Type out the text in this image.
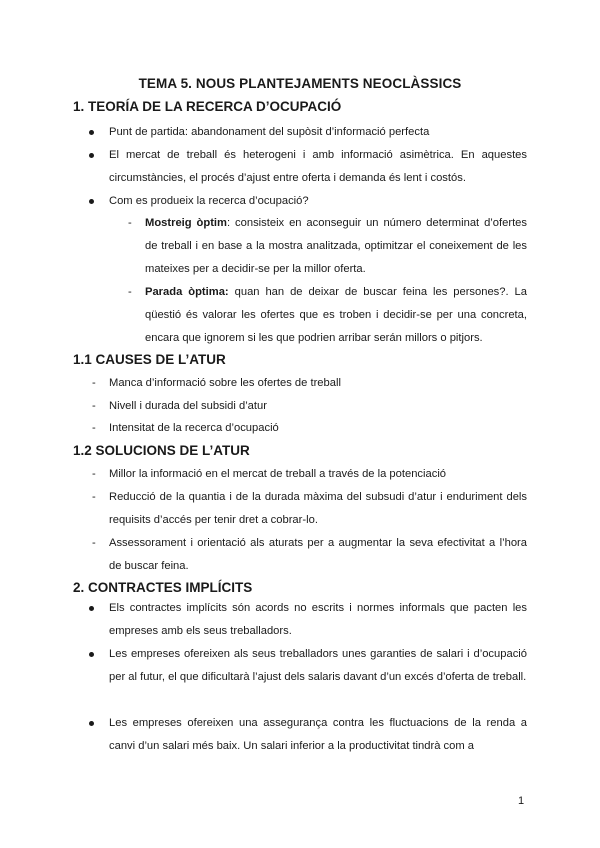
TEMA 5. NOUS PLANTEJAMENTS NEOCLÀSSICS
1. TEORÍA DE LA RECERCA D’OCUPACIÓ
Punt de partida: abandonament del supòsit d’informació perfecta
El mercat de treball és heterogeni i amb informació asimètrica. En aquestes circumstàncies, el procés d’ajust entre oferta i demanda és lent i costós.
Com es produeix la recerca d’ocupació?
- Mostreig òptim: consisteix en aconseguir un número determinat d’ofertes de treball i en base a la mostra analitzada, optimitzar el coneixement de les mateixes per a decidir-se per la millor oferta.
- Parada òptima: quan han de deixar de buscar feina les persones?. La qüestió és valorar les ofertes que es troben i decidir-se per una concreta, encara que ignorem si les que podrien arribar serán millors o pitjors.
1.1 CAUSES DE L’ATUR
- Manca d’informació sobre les ofertes de treball
- Nivell i durada del subsidi d’atur
- Intensitat de la recerca d’ocupació
1.2 SOLUCIONS DE L’ATUR
- Millor la informació en el mercat de treball a través de la potenciació
- Reducció de la quantia i de la durada màxima del subsudi d’atur i enduriment dels requisits d’accés per tenir dret a cobrar-lo.
- Assessorament i orientació als aturats per a augmentar la seva efectivitat a l’hora de buscar feina.
2. CONTRACTES IMPLÍCITS
Els contractes implícits són acords no escrits i normes informals que pacten les empreses amb els seus treballadors.
Les empreses ofereixen als seus treballadors unes garanties de salari i d’ocupació per al futur, el que dificultarà l’ajust dels salaris davant d’un excés d’oferta de treball.
Les empreses ofereixen una assegurança contra les fluctuacions de la renda a canvi d’un salari més baix. Un salari inferior a la productivitat tindrà com a
1
